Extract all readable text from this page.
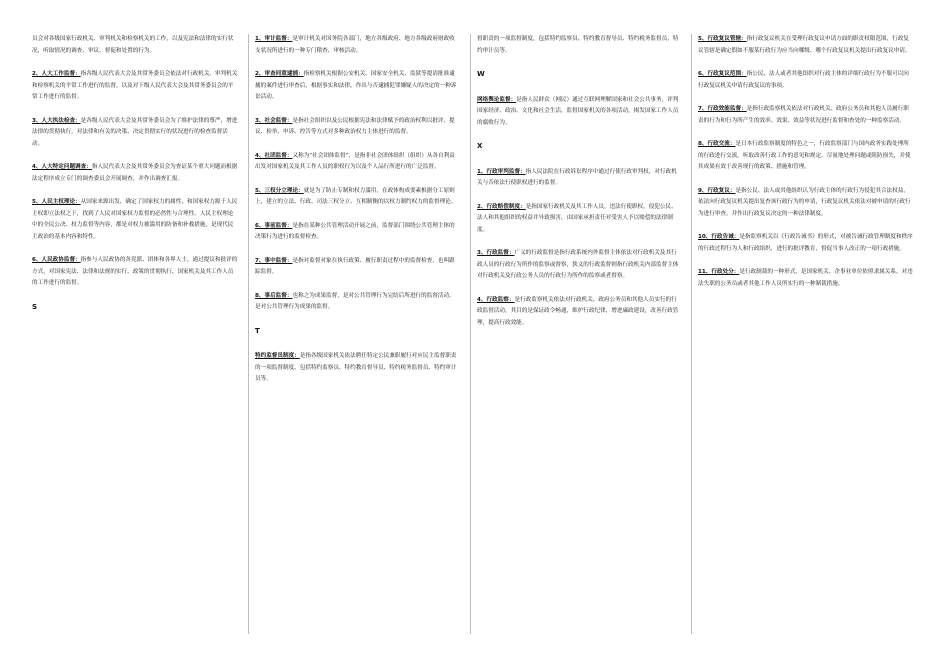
员会对各级国家行政机关、审判机关和检察机关的工作，以及宪法和法律的实行状况，听取情况的调查、审议、督促和处置的行为。
2、人大工作监督：指各级人民代表大会及其常务委员会依法对行政机关、审判机关和检察机关的平常工作进行的监督。以及对下级人民代表大会及其常务委员会的平常工作进行的监督。
3、人大执法检查：是各级人民代表大会及其常务委员会为了维护法律的尊严，增进法律的贯彻执行，对法律和有关的决策、决定贯彻实行的状况进行的检查监督活动。
4、人大特定问题调查：指人民代表大会及其常务委员会为查证某个重大问题而根据法定程序成立专门的调查委员会开展调查，并作出调查汇报。
5、人民主权理论：从国家来源出发，确定了国家权力的属性，和国家权力源于人民主权即立法权之下，找到了人民对国家权力监督的必然性与合理性。人民主权理论中的全民公决、权力监督等内容，都是对权力被滥用的防备和补救措施，是现代民主政治的基本内容和特性。
6、人民政协监督：指参与人民政协的各党派、团体和各界人士，通过提议和批评的方式，对国家宪法、法律和法规的实行、政策的贯彻执行、国家机关及其工作人员的工作进行的监督。
S
1、审计监督：是审计机关对国务院各部门，地方各级政府、地方各级政府财政收支状况所进行的一种专门稽查、审核活动。
2、审查同意逮捕：指检察机关根据公安机关、国家安全机关、监狱等提请批准逮捕的案件进行审查后，根据事实和法律，作出与否逮捕犯罪嫌疑人的决定的一种诉讼活动。
3、社会监督：是指社会组织以及公民根据宪法和法律赋予的政治权利以批评、提议、检举、申诉、控告等方式对多种政治权力主体进行的监督。
4、社团监督：又称为“社会团体监督”，是指非社会团体组织（组织）从各自利益出发对国家机关及其工作人员的职权行为以及个人品行所进行的广泛监督。
5、三权分立理论：就是为了防止专制和权力滥用，在政体构成要素根据分工原则上，建立的立法、行政、司法三权分立、互相制衡的以权力制约权力的监督理论。
6、事前监督：是指在某种公共管理活动开展之前，监督部门围绕公共管理主体的决策行为进行的监督检查。
7、事中监督：是指对监督对象在执行政策、履行职责过程中的监督检查，也叫跟踪监督。
8、事后监督：也称之为成果监督，是对公共管理行为完结后所进行的监督活动，是对公共管理行为成果的监督。
T
特约监督员制度：是指各级国家机关依法聘任特定公民兼职履行对应民主监督职责的一项监督制度，包括特约监察员、特约教育督导员、特约税务监督员、特约审计员等。
督职责的一项监督制度，包括特约监察员、特约教育督导员、特约税务监督员、特约审计员等。
W
网络舆论监督：是指人民群众（网民）通过互联网理解国家和社会公共事务，评判国家经济、政治、文化和社会生活，监督国家机关的各项活动，揭发国家工作人员的腐败行为。
X
1、行政审判监督：指人民法院在行政诉讼程序中通过行使行政审判权，对行政机关与否依法行使职权进行的监督。
2、行政赔偿制度：是指国家行政机关及其工作人员，违法行使职权，侵犯公民、法人和其他组织的权益并导致损害，由国家承担责任对受害人予以赔偿的法律制度。
3、行政监督：广义的行政监督是指行政系统内外监督主体依法对行政机关及其行政人员的行政行为所作的监察或督察，狭义的行政监督则指行政机关内部监督主体对行政机关及行政公务人员的行政行为所作的监察或者督察。
4、行政监察：是行政监察机关依法对行政机关、政府公务员和其他人员实行的行政监督活动，其目的是保证政令畅通，维护行政纪律，增进廉政建设，改善行政管理，提高行政效能。
5、行政复议管辖：指行政复议机关在受理行政复议申请方面的职责权限范围，行政复议管辖是确定假如不服某行政行为应当向哪级、哪个行政复议机关提出行政复议申请。
6、行政复议范围：指公民、法人或者其他组织对行政主体的详细行政行为不服可以向行政复议机关申请行政复议的事项。
7、行政效能监督：是指行政监察机关依法对行政机关、政府公务员和其他人员履行职责的行为和行为所产生的效率、效果、效益等状况进行监督和查处的一种监察活动。
8、行政交流：是日本行政监察制度的特色之一，行政监察部门与国内政务实践处理所的行政进行交流，听取改善行政工作的意见和规定，尽量地处理问题或阻防损失，并使其成果有效于改善现行的政策、措施和管理。
9、行政复议：是指公民、法人或其他组织认为行政主体的行政行为侵犯其合法权益，依法向行政复议机关提出复查该行政行为的申请，行政复议机关依法对被申请的行政行为进行审查，并作出行政复议决定的一种法律制度。
10、行政告诫：是指监察机关以《行政告诫书》的形式，对被告诫行政管理制度和秩序的行政过程行为人和行政组织，进行的批评教育，督促当事人改正的一项行政措施。
11、行政处分：是行政制裁的一种形式，是国家机关、企事业单位依照隶属关系，对违法失职的公务员或者其他工作人员所实行的一种制裁措施。
